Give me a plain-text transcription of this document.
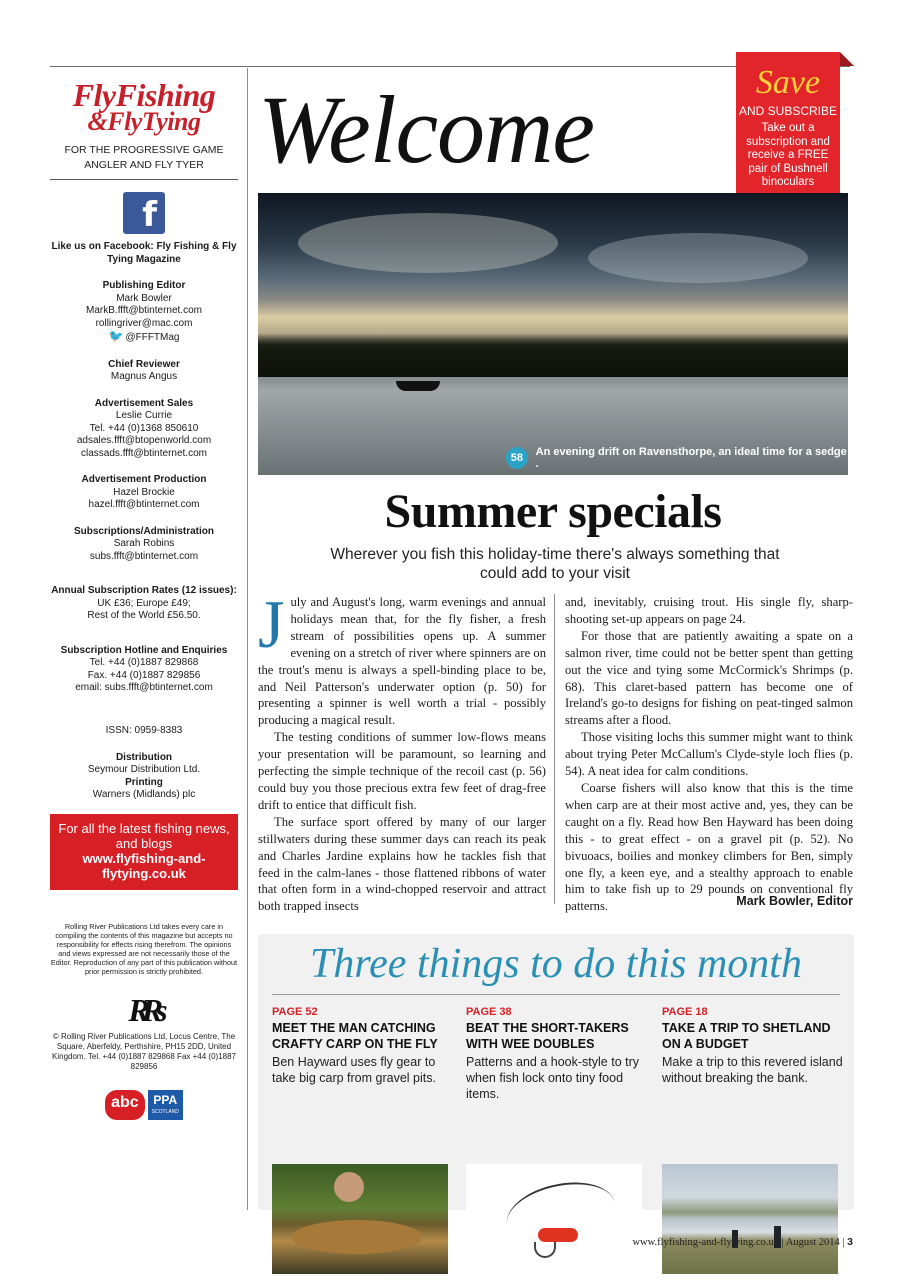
FlyFishing
&FlyTying
FOR THE PROGRESSIVE GAME ANGLER AND FLY TYER
f
Like us on Facebook: Fly Fishing & Fly Tying Magazine
Publishing Editor
Mark Bowler
MarkB.ffft@btinternet.com
rollingriver@mac.com
🐦 @FFFTMag
Chief Reviewer
Magnus Angus
Advertisement Sales
Leslie Currie
Tel. +44 (0)1368 850610
adsales.ffft@btopenworld.com
classads.ffft@btinternet.com
Advertisement Production
Hazel Brockie
hazel.ffft@btinternet.com
Subscriptions/Administration
Sarah Robins
subs.ffft@btinternet.com
Annual Subscription Rates (12 issues):
UK £36; Europe £49;
Rest of the World £56.50.
Subscription Hotline and Enquiries
Tel. +44 (0)1887 829868
Fax. +44 (0)1887 829856
email: subs.ffft@btinternet.com
ISSN: 0959-8383
Distribution
Seymour Distribution Ltd.
Printing
Warners (Midlands) plc
For all the latest fishing news, and blogs
www.flyfishing-and-flytying.co.uk
Rolling River Publications Ltd takes every care in compiling the contents of this magazine but accepts no responsibility for effects rising therefrom. The opinions and views expressed are not necessarily those of the Editor. Reproduction of any part of this publication without prior permission is strictly prohibited.
RRs
© Rolling River Publications Ltd, Locus Centre, The Square, Aberfeldy, Perthshire, PH15 2DD, United Kingdom. Tel. +44 (0)1887 829868 Fax +44 (0)1887 829856
abc	PPA
SCOTLAND
Welcome	Save
AND SUBSCRIBE
Take out a subscription and receive a FREE pair of Bushnell binoculars
58	An evening drift on Ravensthorpe, an ideal time for a sedge .
Summer specials
Wherever you fish this holiday-time there's always something that could add to your visit

July and August's long, warm evenings and annual holidays mean that, for the fly fisher, a fresh stream of possibilities opens up. A summer evening on a stretch of river where spinners are on the trout's menu is always a spell-binding place to be, and Neil Patterson's underwater option (p. 50) for presenting a spinner is well worth a trial - possibly producing a magical result.

The testing conditions of summer low-flows means your presentation will be paramount, so learning and perfecting the simple technique of the recoil cast (p. 56) could buy you those precious extra few feet of drag-free drift to entice that difficult fish.

The surface sport offered by many of our larger stillwaters during these summer days can reach its peak and Charles Jardine explains how he tackles fish that feed in the calm-lanes - those flattened ribbons of water that often form in a wind-chopped reservoir and attract both trapped insects

and, inevitably, cruising trout. His single fly, sharp-shooting set-up appears on page 24.

For those that are patiently awaiting a spate on a salmon river, time could not be better spent than getting out the vice and tying some McCormick's Shrimps (p. 68). This claret-based pattern has become one of Ireland's go-to designs for fishing on peat-tinged salmon streams after a flood.

Those visiting lochs this summer might want to think about trying Peter McCallum's Clyde-style loch flies (p. 54). A neat idea for calm conditions.

Coarse fishers will also know that this is the time when carp are at their most active and, yes, they can be caught on a fly. Read how Ben Hayward has been doing this - to great effect - on a gravel pit (p. 52). No bivuoacs, boilies and monkey climbers for Ben, simply one fly, a keen eye, and a stealthy approach to enable him to take fish up to 29 pounds on conventional fly patterns.	Mark Bowler, Editor
Three things to do this month
PAGE 52
MEET THE MAN CATCHING CRAFTY CARP ON THE FLY
Ben Hayward uses fly gear to take big carp from gravel pits.
PAGE 38
BEAT THE SHORT-TAKERS WITH WEE DOUBLES
Patterns and a hook-style to try when fish lock onto tiny food items.
PAGE 18
TAKE A TRIP TO SHETLAND ON A BUDGET
Make a trip to this revered island without breaking the bank.
www.flyfishing-and-flytying.co.uk | August 2014 | 3
